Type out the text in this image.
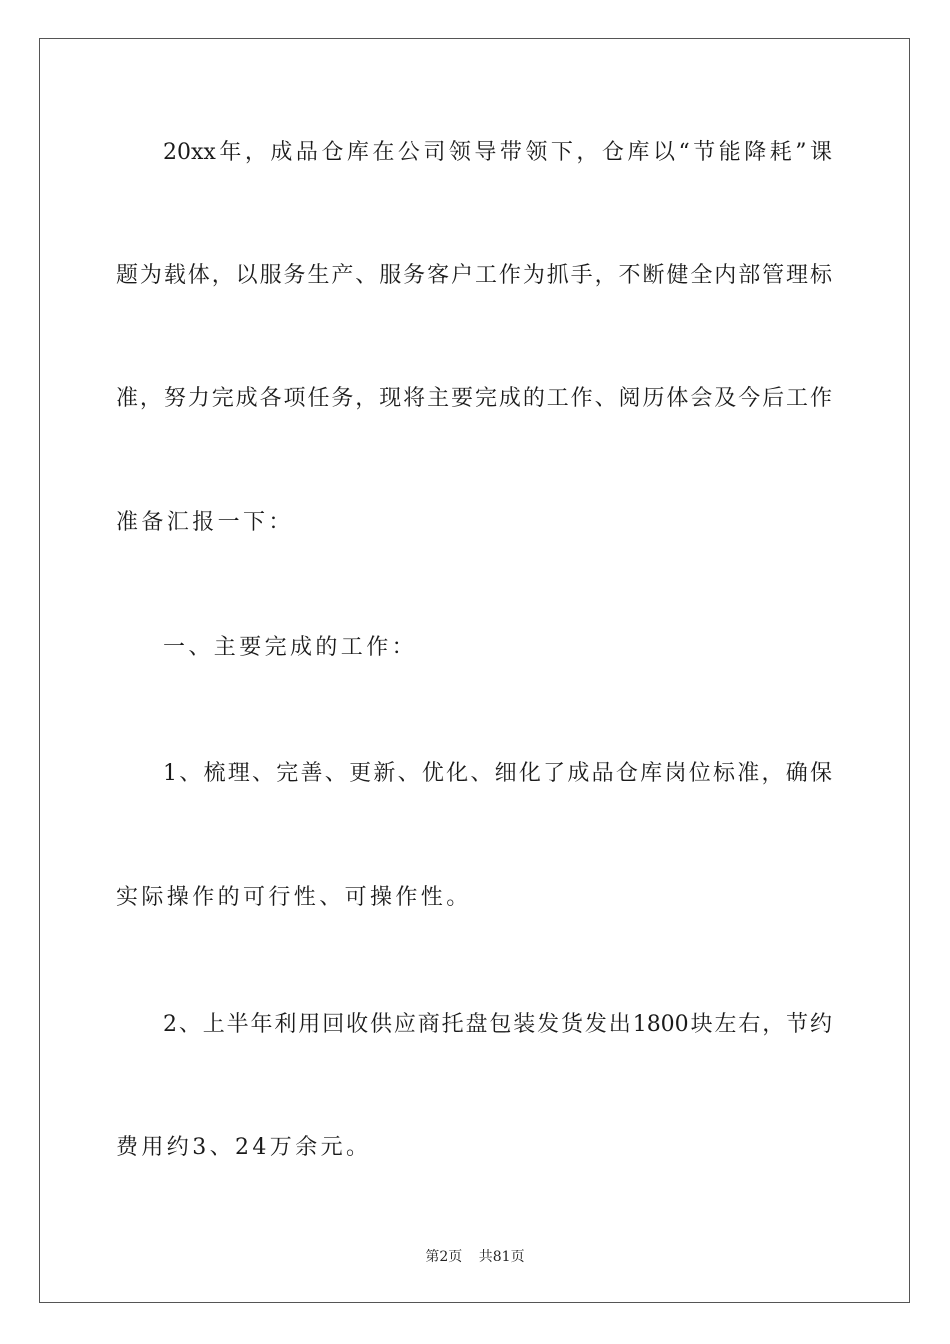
20xx年，成品仓库在公司领导带领下，仓库以“节能降耗”课
题为载体，以服务生产、服务客户工作为抓手，不断健全内部管理标
准，努力完成各项任务，现将主要完成的工作、阅历体会及今后工作
准备汇报一下：
一、主要完成的工作：
1、梳理、完善、更新、优化、细化了成品仓库岗位标准，确保
实际操作的可行性、可操作性。
2、上半年利用回收供应商托盘包装发货发出1800块左右，节约
费用约3、24万余元。
第2页 共81页
